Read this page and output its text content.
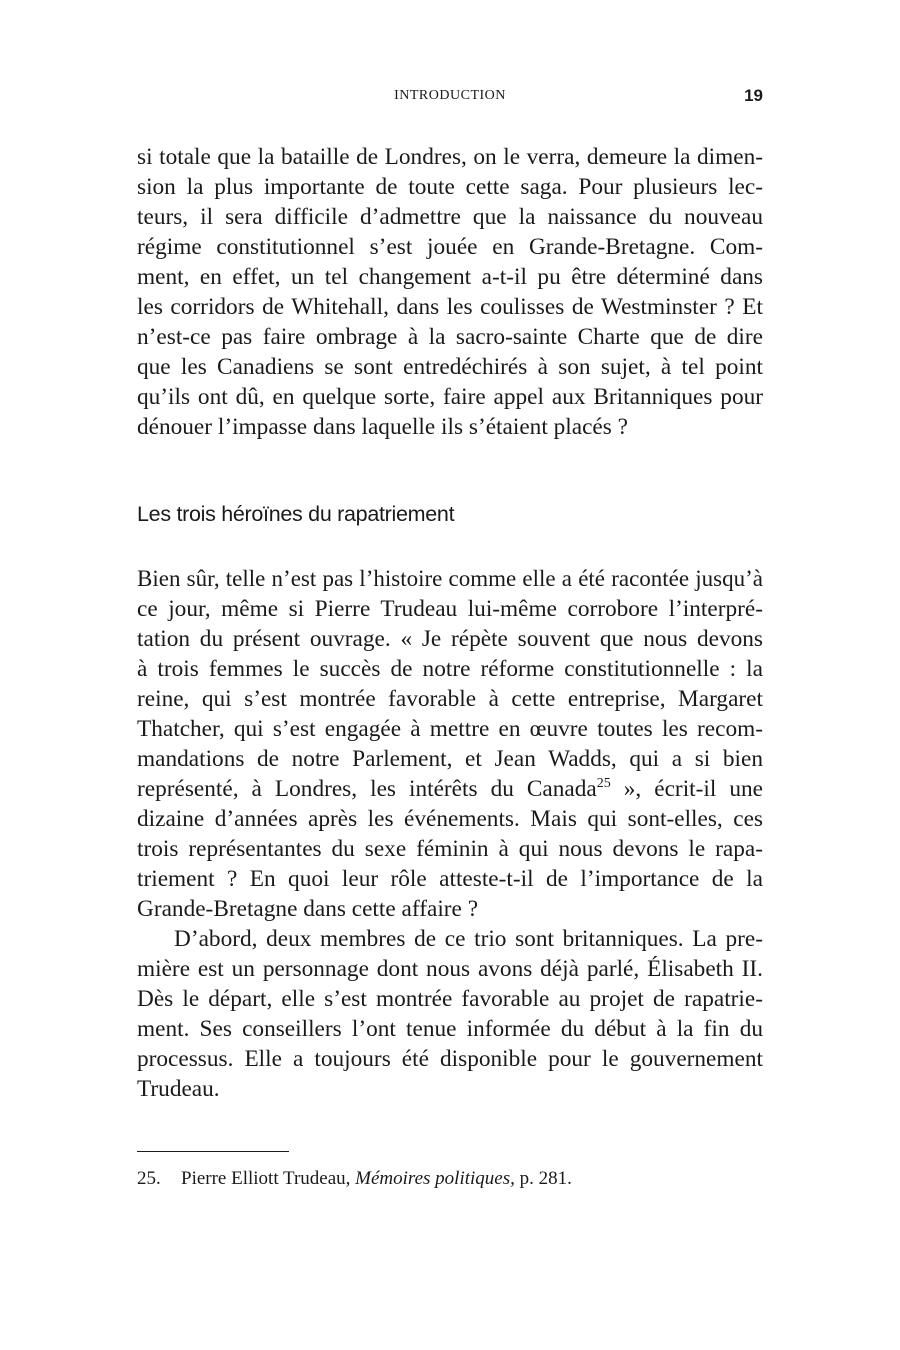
INTRODUCTION	19
si totale que la bataille de Londres, on le verra, demeure la dimen-
sion la plus importante de toute cette saga. Pour plusieurs lec-
teurs, il sera difficile d’admettre que la naissance du nouveau
régime constitutionnel s’est jouée en Grande-Bretagne. Com-
ment, en effet, un tel changement a-t-il pu être déterminé dans
les corridors de Whitehall, dans les coulisses de Westminster ? Et
n’est-ce pas faire ombrage à la sacro-sainte Charte que de dire
que les Canadiens se sont entredéchirés à son sujet, à tel point
qu’ils ont dû, en quelque sorte, faire appel aux Britanniques pour
dénouer l’impasse dans laquelle ils s’étaient placés ?
Les trois héroïnes du rapatriement
Bien sûr, telle n’est pas l’histoire comme elle a été racontée jusqu’à
ce jour, même si Pierre Trudeau lui-même corrobore l’interpré-
tation du présent ouvrage. « Je répète souvent que nous devons
à trois femmes le succès de notre réforme constitutionnelle : la
reine, qui s’est montrée favorable à cette entreprise, Margaret
Thatcher, qui s’est engagée à mettre en œuvre toutes les recom-
mandations de notre Parlement, et Jean Wadds, qui a si bien
représenté, à Londres, les intérêts du Canada$^{25}$ », écrit-il une
dizaine d’années après les événements. Mais qui sont-elles, ces
trois représentantes du sexe féminin à qui nous devons le rapa-
triement ? En quoi leur rôle atteste-t-il de l’importance de la
Grande-Bretagne dans cette affaire ?
D’abord, deux membres de ce trio sont britanniques. La pre-
mière est un personnage dont nous avons déjà parlé, Élisabeth II.
Dès le départ, elle s’est montrée favorable au projet de rapatrie-
ment. Ses conseillers l’ont tenue informée du début à la fin du
processus. Elle a toujours été disponible pour le gouvernement
Trudeau.
25. Pierre Elliott Trudeau, Mémoires politiques, p. 281.
